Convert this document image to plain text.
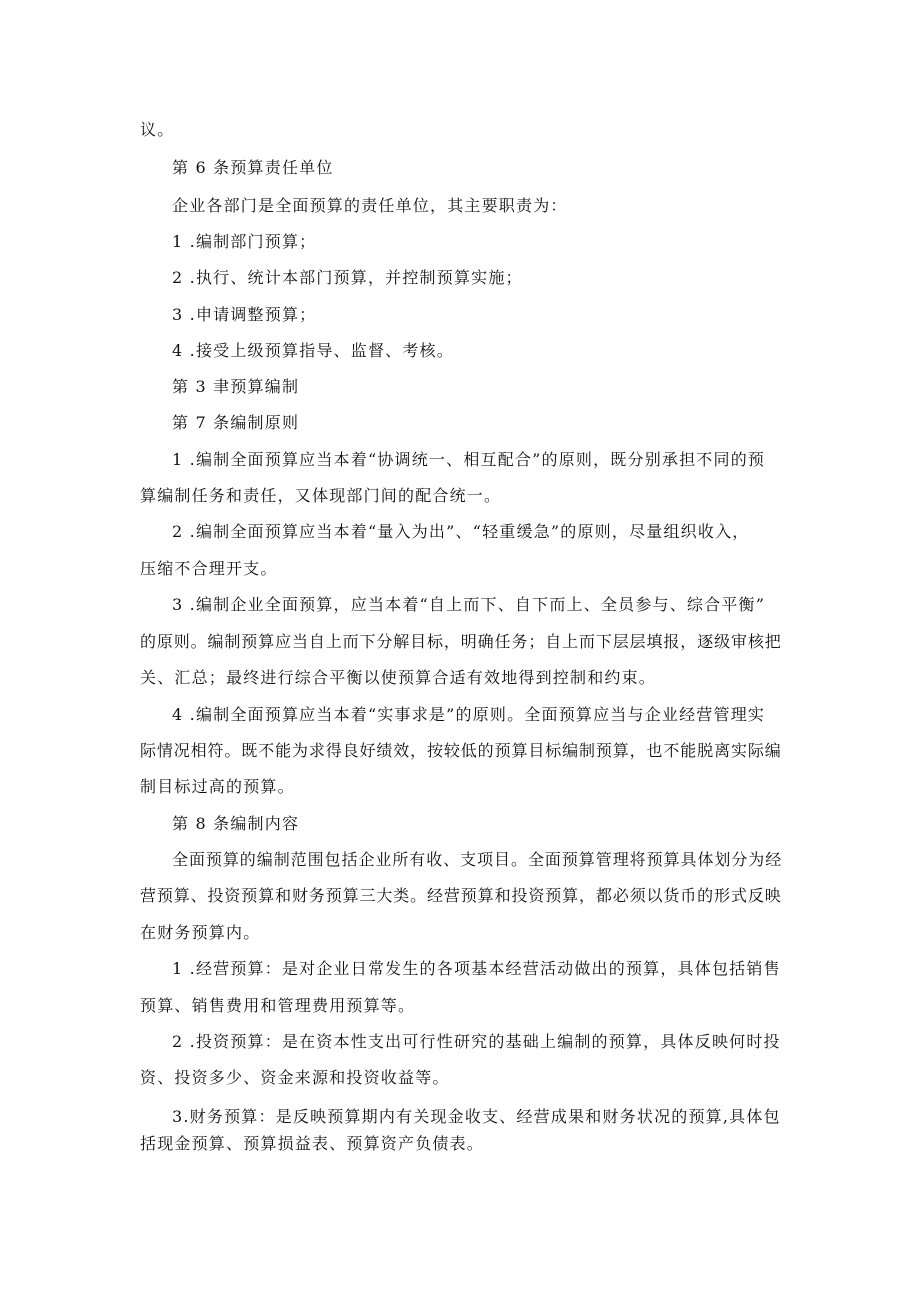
议。
第 6 条预算责任单位
企业各部门是全面预算的责任单位，其主要职责为：
1 .编制部门预算；
2 .执行、统计本部门预算，并控制预算实施；
3 .申请调整预算；
4 .接受上级预算指导、监督、考核。
第 3 聿预算编制
第 7 条编制原则
1 .编制全面预算应当本着“协调统一、相互配合”的原则，既分别承担不同的预
算编制任务和责任，又体现部门间的配合统一。
2 .编制全面预算应当本着“量入为出”、“轻重缓急”的原则，尽量组织收入，
压缩不合理开支。
3 .编制企业全面预算，应当本着“自上而下、自下而上、全员参与、综合平衡”
的原则。编制预算应当自上而下分解目标，明确任务；自上而下层层填报，逐级审核把
关、汇总；最终进行综合平衡以使预算合适有效地得到控制和约束。
4 .编制全面预算应当本着“实事求是”的原则。全面预算应当与企业经营管理实
际情况相符。既不能为求得良好绩效，按较低的预算目标编制预算，也不能脱离实际编
制目标过高的预算。
第 8 条编制内容
全面预算的编制范围包括企业所有收、支项目。全面预算管理将预算具体划分为经
营预算、投资预算和财务预算三大类。经营预算和投资预算，都必须以货币的形式反映
在财务预算内。
1 .经营预算：是对企业日常发生的各项基本经营活动做出的预算，具体包括销售
预算、销售费用和管理费用预算等。
2 .投资预算：是在资本性支出可行性研究的基础上编制的预算，具体反映何时投
资、投资多少、资金来源和投资收益等。
3.财务预算：是反映预算期内有关现金收支、经营成果和财务状况的预算,具体包
括现金预算、预算损益表、预算资产负债表。
